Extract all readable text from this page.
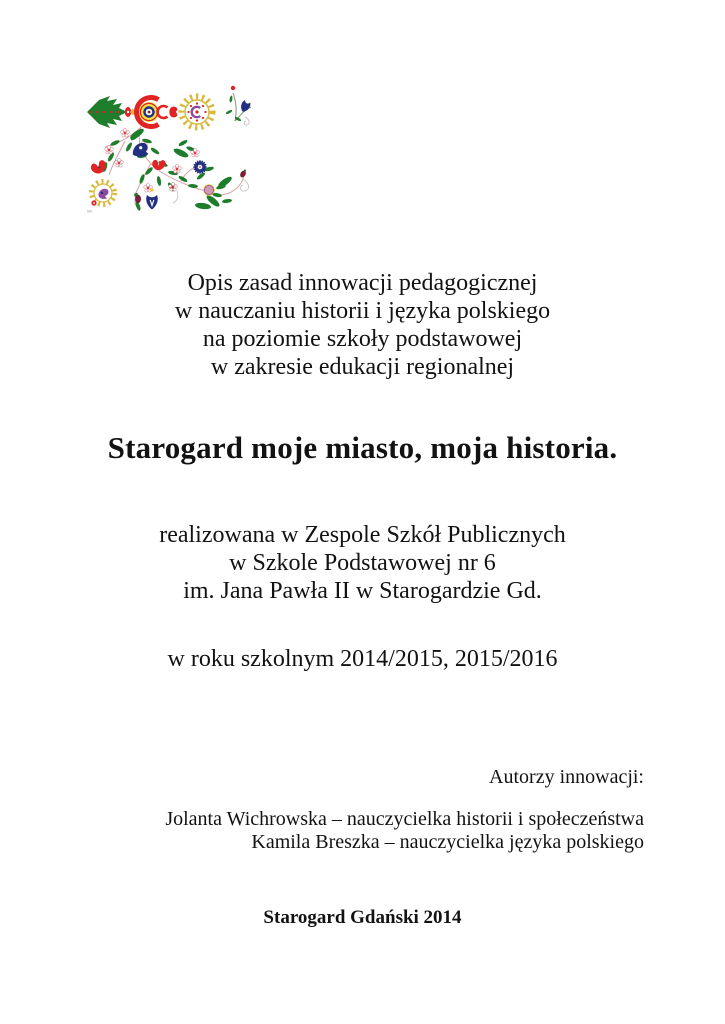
Opis zasad innowacji pedagogicznej
w nauczaniu historii i języka polskiego
na poziomie szkoły podstawowej
w zakresie edukacji regionalnej
Starogard moje miasto, moja historia.
realizowana w Zespole Szkół Publicznych
w Szkole Podstawowej nr 6
im. Jana Pawła II w Starogardzie Gd.
w roku szkolnym 2014/2015, 2015/2016
Autorzy innowacji:
Jolanta Wichrowska – nauczycielka historii i społeczeństwa
Kamila Breszka – nauczycielka języka polskiego
Starogard Gdański 2014
